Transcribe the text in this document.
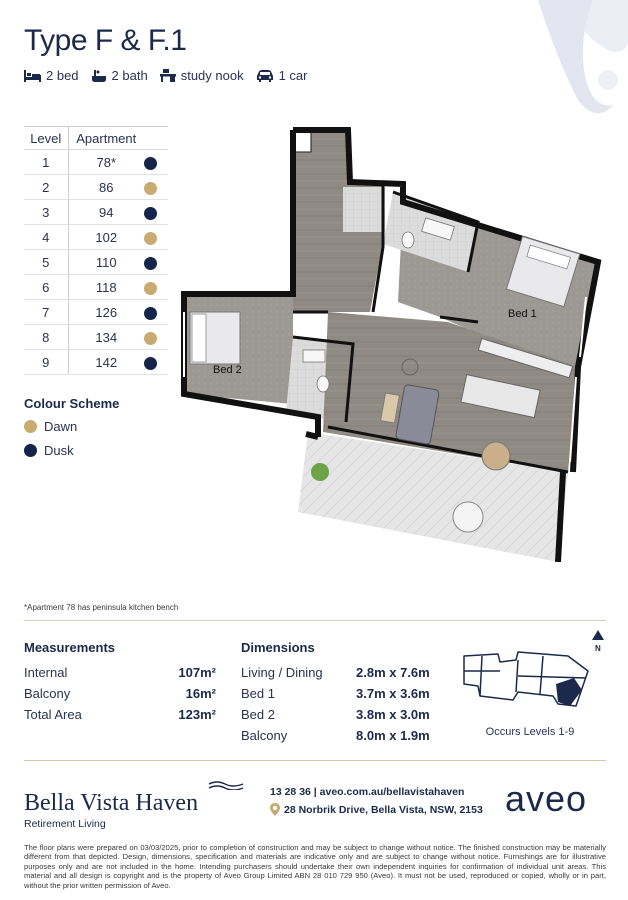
Type F & F.1
2 bed	2 bath	study nook	1 car
Level	Apartment	
1	78*	
2	86	
3	94	
4	102	
5	110	
6	118	
7	126	
8	134	
9	142	
Colour Scheme
Dawn
Dusk
Bed 1
Bed 2
*Apartment 78 has peninsula kitchen bench
Measurements
Internal	107m²
Balcony	16m²
Total Area	123m²
Dimensions
Living / Dining	2.8m x 7.6m
Bed 1	3.7m x 3.6m
Bed 2	3.8m x 3.0m
Balcony	8.0m x 1.9m
N
Occurs Levels 1-9
Bella Vista Haven
Retirement Living
13 28 36 | aveo.com.au/bellavistahaven
28 Norbrik Drive, Bella Vista, NSW, 2153 aveo
The floor plans were prepared on 03/03/2025, prior to completion of construction and may be subject to change without notice. The finished construction may be materially different from that depicted. Design, dimensions, specification and materials are indicative only and are subject to change without notice. Furnishings are for illustrative purposes only and are not included in the home. Intending purchasers should undertake their own independent inquiries for confirmation of individual unit areas. This material and all design is copyright and is the property of Aveo Group Limited ABN 28 010 729 950 (Aveo). It must not be used, reproduced or copied, wholly or in part, without the prior written permission of Aveo.
